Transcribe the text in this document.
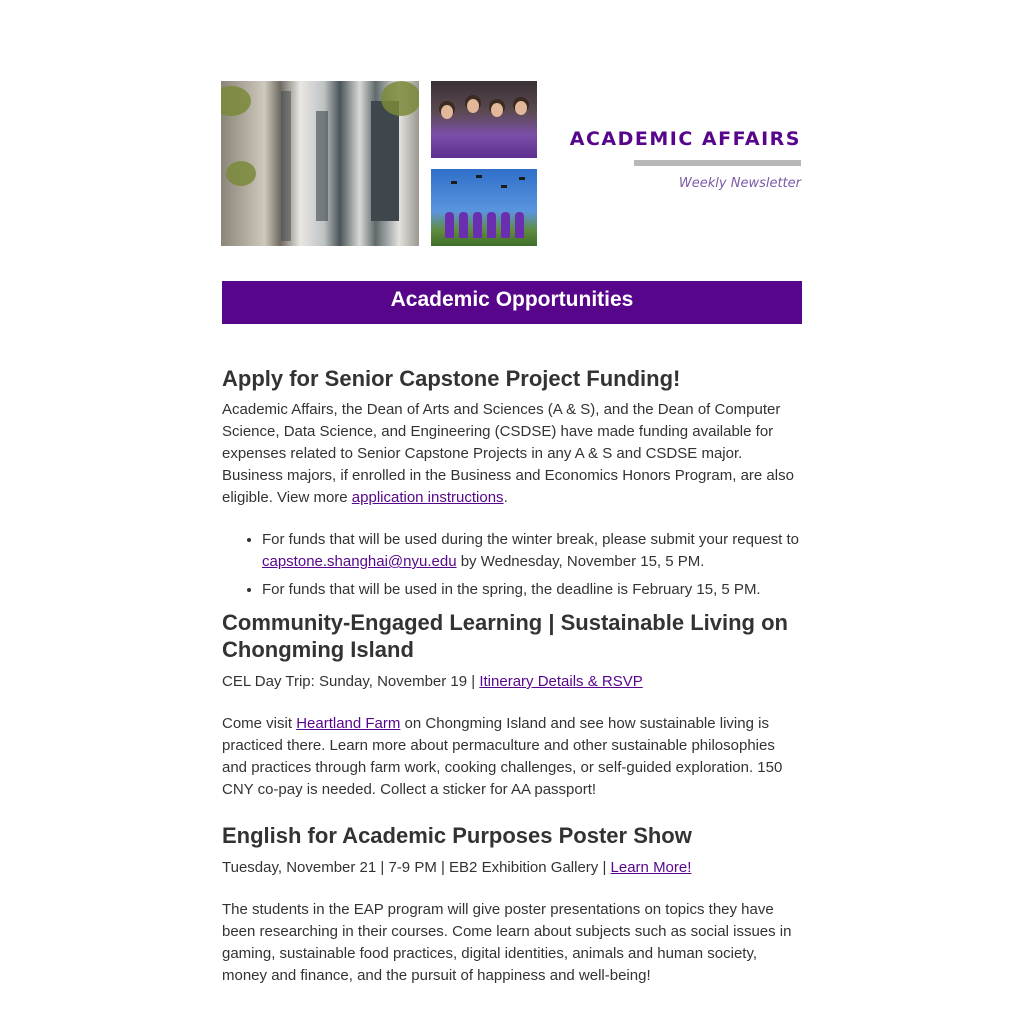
ACADEMIC AFFAIRS
Weekly Newsletter
Academic Opportunities
Apply for Senior Capstone Project Funding!

Academic Affairs, the Dean of Arts and Sciences (A & S), and the Dean of Computer Science, Data Science, and Engineering (CSDSE) have made funding available for expenses related to Senior Capstone Projects in any A & S and CSDSE major. Business majors, if enrolled in the Business and Economics Honors Program, are also eligible. View more application instructions.

• For funds that will be used during the winter break, please submit your request to capstone.shanghai@nyu.edu by Wednesday, November 15, 5 PM.
• For funds that will be used in the spring, the deadline is February 15, 5 PM.
Community-Engaged Learning | Sustainable Living on Chongming Island

CEL Day Trip: Sunday, November 19 | Itinerary Details & RSVP

Come visit Heartland Farm on Chongming Island and see how sustainable living is practiced there. Learn more about permaculture and other sustainable philosophies and practices through farm work, cooking challenges, or self-guided exploration. 150 CNY co-pay is needed. Collect a sticker for AA passport!

English for Academic Purposes Poster Show

Tuesday, November 21 | 7-9 PM | EB2 Exhibition Gallery | Learn More!

The students in the EAP program will give poster presentations on topics they have been researching in their courses. Come learn about subjects such as social issues in gaming, sustainable food practices, digital identities, animals and human society, money and finance, and the pursuit of happiness and well-being!
